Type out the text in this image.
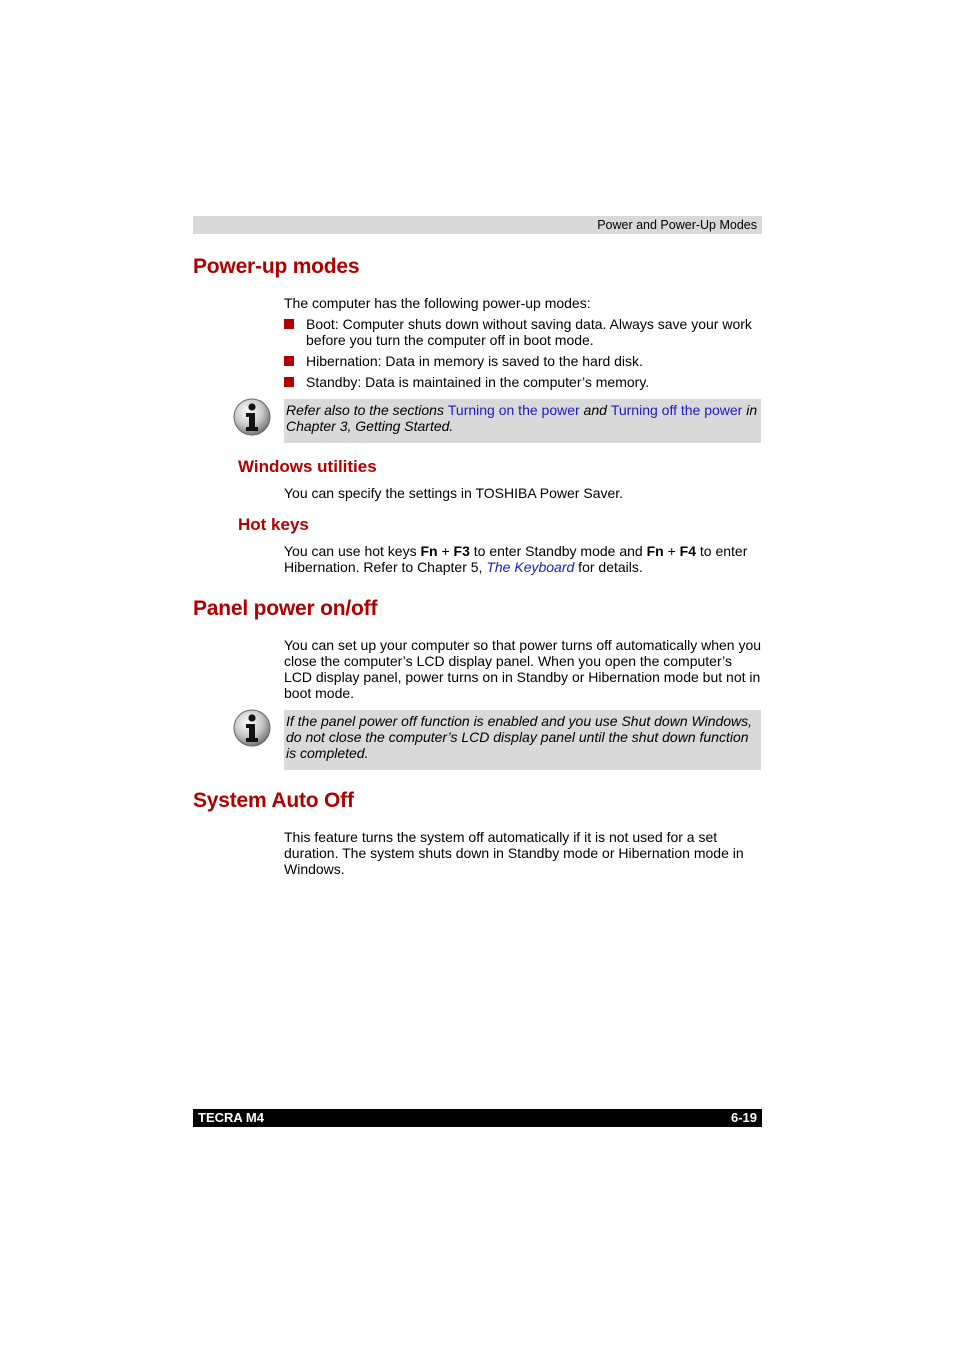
Power and Power-Up Modes
Power-up modes

The computer has the following power-up modes:

Boot: Computer shuts down without saving data. Always save your work before you turn the computer off in boot mode.
Hibernation: Data in memory is saved to the hard disk.
Standby: Data is maintained in the computer’s memory.

Refer also to the sections Turning on the power and Turning off the power in Chapter 3, Getting Started.

Windows utilities

You can specify the settings in TOSHIBA Power Saver.

Hot keys

You can use hot keys Fn + F3 to enter Standby mode and Fn + F4 to enter Hibernation. Refer to Chapter 5, The Keyboard for details.

Panel power on/off

You can set up your computer so that power turns off automatically when you close the computer’s LCD display panel. When you open the computer’s LCD display panel, power turns on in Standby or Hibernation mode but not in boot mode.

If the panel power off function is enabled and you use Shut down Windows, do not close the computer’s LCD display panel until the shut down function is completed.

System Auto Off

This feature turns the system off automatically if it is not used for a set duration. The system shuts down in Standby mode or Hibernation mode in Windows.

TECRA M4	6-19
